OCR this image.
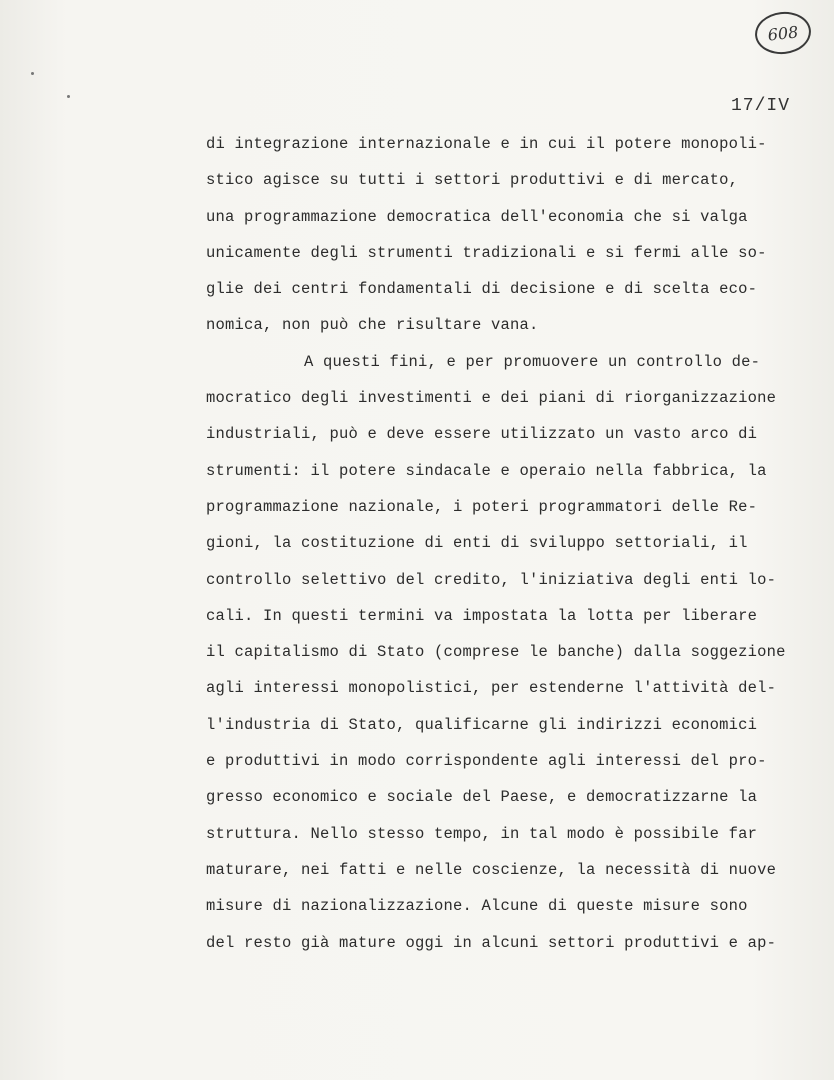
608
17/IV
di integrazione internazionale e in cui il potere monopoli-
stico agisce su tutti i settori produttivi e di mercato,
una programmazione democratica dell'economia che si valga
unicamente degli strumenti tradizionali e si fermi alle so-
glie dei centri fondamentali di decisione e di scelta eco-
nomica, non può che risultare vana.
A questi fini, e per promuovere un controllo de-
mocratico degli investimenti e dei piani di riorganizzazione
industriali, può e deve essere utilizzato un vasto arco di
strumenti: il potere sindacale e operaio nella fabbrica, la
programmazione nazionale, i poteri programmatori delle Re-
gioni, la costituzione di enti di sviluppo settoriali, il
controllo selettivo del credito, l'iniziativa degli enti lo-
cali. In questi termini va impostata la lotta per liberare
il capitalismo di Stato (comprese le banche) dalla soggezione
agli interessi monopolistici, per estenderne l'attività del-
l'industria di Stato, qualificarne gli indirizzi economici
e produttivi in modo corrispondente agli interessi del pro-
gresso economico e sociale del Paese, e democratizzarne la
struttura. Nello stesso tempo, in tal modo è possibile far
maturare, nei fatti e nelle coscienze, la necessità di nuove
misure di nazionalizzazione. Alcune di queste misure sono
del resto già mature oggi in alcuni settori produttivi e ap-
